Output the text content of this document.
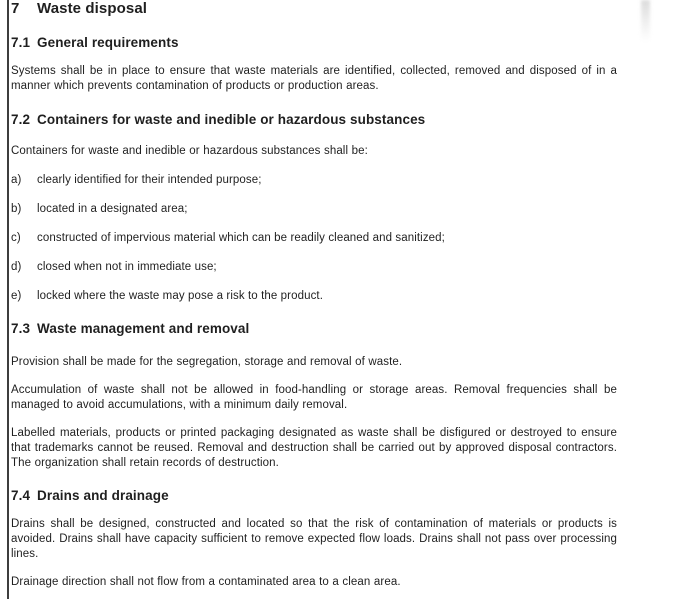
7	Waste disposal
7.1 General requirements

Systems shall be in place to ensure that waste materials are identified, collected, removed and disposed of in a manner which prevents contamination of products or production areas.

7.2 Containers for waste and inedible or hazardous substances

Containers for waste and inedible or hazardous substances shall be:

a)	clearly identified for their intended purpose;
b)	located in a designated area;
c)	constructed of impervious material which can be readily cleaned and sanitized;
d)	closed when not in immediate use;
e)	locked where the waste may pose a risk to the product.
7.3 Waste management and removal

Provision shall be made for the segregation, storage and removal of waste.

Accumulation of waste shall not be allowed in food-handling or storage areas. Removal frequencies shall be managed to avoid accumulations, with a minimum daily removal.

Labelled materials, products or printed packaging designated as waste shall be disfigured or destroyed to ensure that trademarks cannot be reused. Removal and destruction shall be carried out by approved disposal contractors. The organization shall retain records of destruction.

7.4 Drains and drainage

Drains shall be designed, constructed and located so that the risk of contamination of materials or products is avoided. Drains shall have capacity sufficient to remove expected flow loads. Drains shall not pass over processing lines.

Drainage direction shall not flow from a contaminated area to a clean area.
